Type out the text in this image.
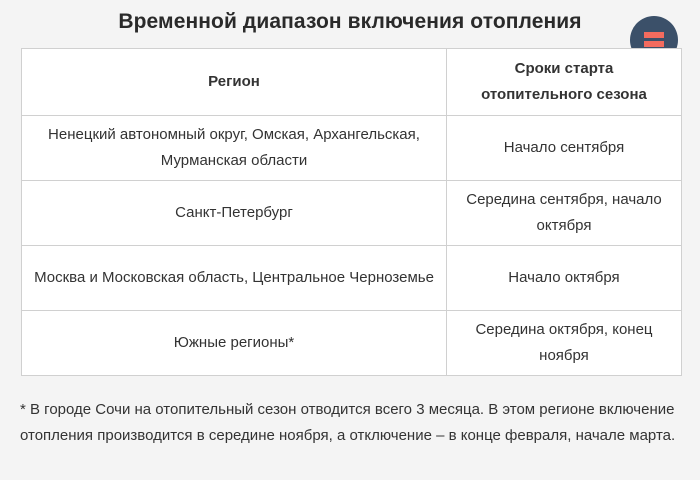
Временной диапазон включения отопления
Регион	Сроки старта отопительного сезона
Ненецкий автономный округ, Омская, Архангельская, Мурманская области	Начало сентября
Санкт-Петербург	Середина сентября, начало октября
Москва и Московская область, Центральное Черноземье	Начало октября
Южные регионы*	Середина октября, конец ноября
* В городе Сочи на отопительный сезон отводится всего 3 месяца. В этом регионе включение отопления производится в середине ноября, а отключение – в конце февраля, начале марта.
